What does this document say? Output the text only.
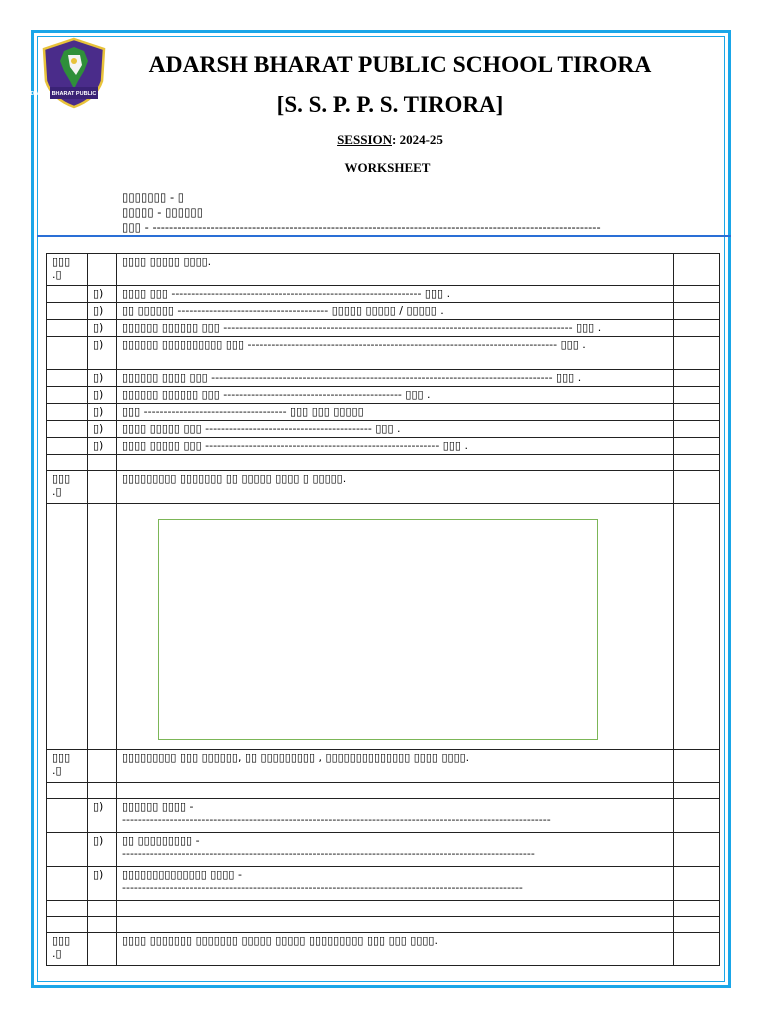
ADARSH BHARAT PUBLIC SCHOOL
ADARSH BHARAT PUBLIC SCHOOL TIRORA
[S. S. P. P. S. TIRORA]
SESSION: 2024-25
WORKSHEET
▯▯▯▯▯▯▯ - ▯
▯▯▯▯▯ - ▯▯▯▯▯▯
▯▯▯ - ------------------------------------------------------------------------------------------------------------
▯▯▯ .▯		▯▯▯▯ ▯▯▯▯▯ ▯▯▯▯.	

	▯)	▯▯▯▯ ▯▯▯ --------------------------------------------------------------- ▯▯▯ .	

	▯)	▯▯ ▯▯▯▯▯▯ -------------------------------------- ▯▯▯▯▯ ▯▯▯▯▯ / ▯▯▯▯▯ .	

	▯)	▯▯▯▯▯▯ ▯▯▯▯▯▯ ▯▯▯ ---------------------------------------------------------------------------------------- ▯▯▯ .	

	▯)	▯▯▯▯▯▯ ▯▯▯▯▯▯▯▯▯▯ ▯▯▯ ------------------------------------------------------------------------------ ▯▯▯ .	

	▯)	▯▯▯▯▯▯ ▯▯▯▯ ▯▯▯ -------------------------------------------------------------------------------------- ▯▯▯ .	

	▯)	▯▯▯▯▯▯ ▯▯▯▯▯▯ ▯▯▯ --------------------------------------------- ▯▯▯ .	

	▯)	▯▯▯ ------------------------------------ ▯▯▯ ▯▯▯ ▯▯▯▯▯	

	▯)	▯▯▯▯ ▯▯▯▯▯ ▯▯▯ ------------------------------------------ ▯▯▯ .	

	▯)	▯▯▯▯ ▯▯▯▯▯ ▯▯▯ ----------------------------------------------------------- ▯▯▯ .	

▯▯▯ .▯		▯▯▯▯▯▯▯▯▯ ▯▯▯▯▯▯▯ ▯▯ ▯▯▯▯▯ ▯▯▯▯ ▯ ▯▯▯▯▯.	

▯▯▯ .▯		▯▯▯▯▯▯▯▯▯ ▯▯▯ ▯▯▯▯▯▯, ▯▯ ▯▯▯▯▯▯▯▯▯ , ▯▯▯▯▯▯▯▯▯▯▯▯▯▯ ▯▯▯▯ ▯▯▯▯.	

	▯)	▯▯▯▯▯▯ ▯▯▯▯ -
------------------------------------------------------------------------------------------------------------	

	▯)	▯▯ ▯▯▯▯▯▯▯▯▯ -
--------------------------------------------------------------------------------------------------------	

	▯)	▯▯▯▯▯▯▯▯▯▯▯▯▯▯ ▯▯▯▯ -
-----------------------------------------------------------------------------------------------------	

▯▯▯ .▯		▯▯▯▯ ▯▯▯▯▯▯▯ ▯▯▯▯▯▯▯ ▯▯▯▯▯ ▯▯▯▯▯ ▯▯▯▯▯▯▯▯▯ ▯▯▯ ▯▯▯ ▯▯▯▯.	
